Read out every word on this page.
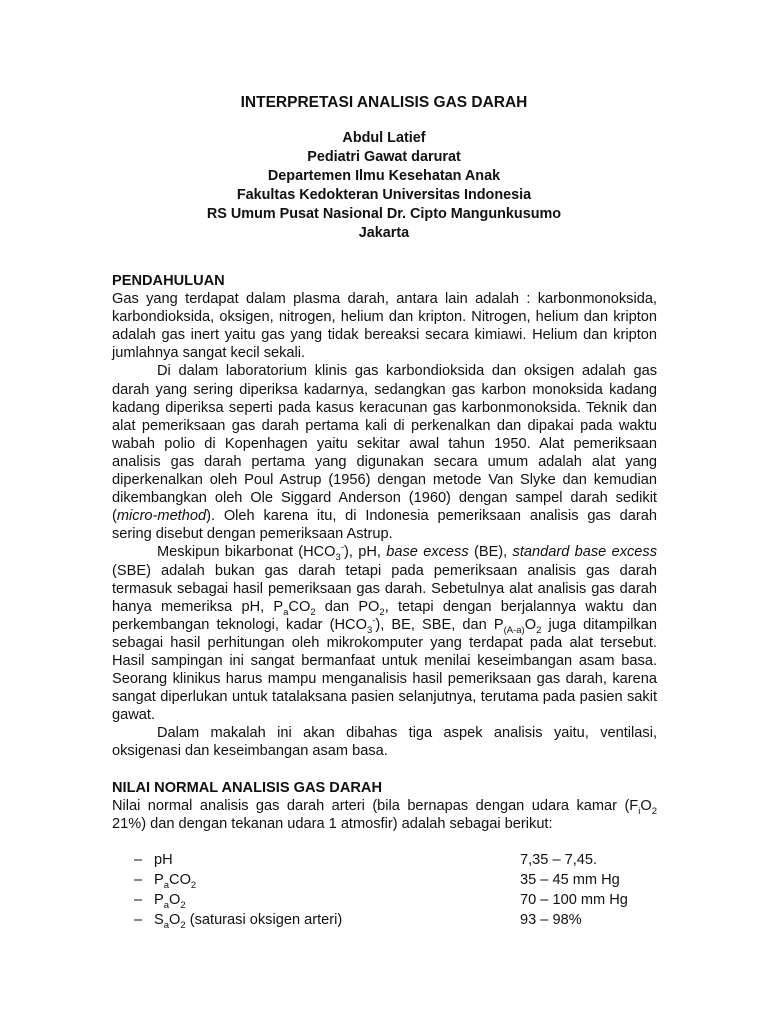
INTERPRETASI ANALISIS GAS DARAH
Abdul Latief
Pediatri Gawat darurat
Departemen Ilmu Kesehatan Anak
Fakultas Kedokteran Universitas Indonesia
RS Umum Pusat Nasional Dr. Cipto Mangunkusumo
Jakarta
PENDAHULUAN

Gas yang terdapat dalam plasma darah, antara lain adalah : karbonmonoksida, karbondioksida, oksigen, nitrogen, helium dan kripton. Nitrogen, helium dan kripton adalah gas inert yaitu gas yang tidak bereaksi secara kimiawi. Helium dan kripton jumlahnya sangat kecil sekali.

Di dalam laboratorium klinis gas karbondioksida dan oksigen adalah gas darah yang sering diperiksa kadarnya, sedangkan gas karbon monoksida kadang kadang diperiksa seperti pada kasus keracunan gas karbonmonoksida. Teknik dan alat pemeriksaan gas darah pertama kali di perkenalkan dan dipakai pada waktu wabah polio di Kopenhagen yaitu sekitar awal tahun 1950. Alat pemeriksaan analisis gas darah pertama yang digunakan secara umum adalah alat yang diperkenalkan oleh Poul Astrup (1956) dengan metode Van Slyke dan kemudian dikembangkan oleh Ole Siggard Anderson (1960) dengan sampel darah sedikit (micro-method). Oleh karena itu, di Indonesia pemeriksaan analisis gas darah sering disebut dengan pemeriksaan Astrup.

Meskipun bikarbonat $(HCO_3^-)$, pH, base excess (BE), standard base excess (SBE) adalah bukan gas darah tetapi pada pemeriksaan analisis gas darah termasuk sebagai hasil pemeriksaan gas darah. Sebetulnya alat analisis gas darah hanya memeriksa pH, $P_aCO_2$ dan $PO_2$, tetapi dengan berjalannya waktu dan perkembangan teknologi, kadar $(HCO_3^-)$, BE, SBE, dan $P_{(A-a)}O_2$ juga ditampilkan sebagai hasil perhitungan oleh mikrokomputer yang terdapat pada alat tersebut. Hasil sampingan ini sangat bermanfaat untuk menilai keseimbangan asam basa. Seorang klinikus harus mampu menganalisis hasil pemeriksaan gas darah, karena sangat diperlukan untuk tatalaksana pasien selanjutnya, terutama pada pasien sakit gawat.

Dalam makalah ini akan dibahas tiga aspek analisis yaitu, ventilasi, oksigenasi dan keseimbangan asam basa.

NILAI NORMAL ANALISIS GAS DARAH

Nilai normal analisis gas darah arteri (bila bernapas dengan udara kamar ($F_iO_2$ 21%) dan dengan tekanan udara 1 atmosfir) adalah sebagai berikut:

– pH	7,35 – 7,45.
– $P_aCO_2$	35 – 45 mm Hg
– $P_aO_2$	70 – 100 mm Hg
– $S_aO_2$ (saturasi oksigen arteri)	93 – 98%
